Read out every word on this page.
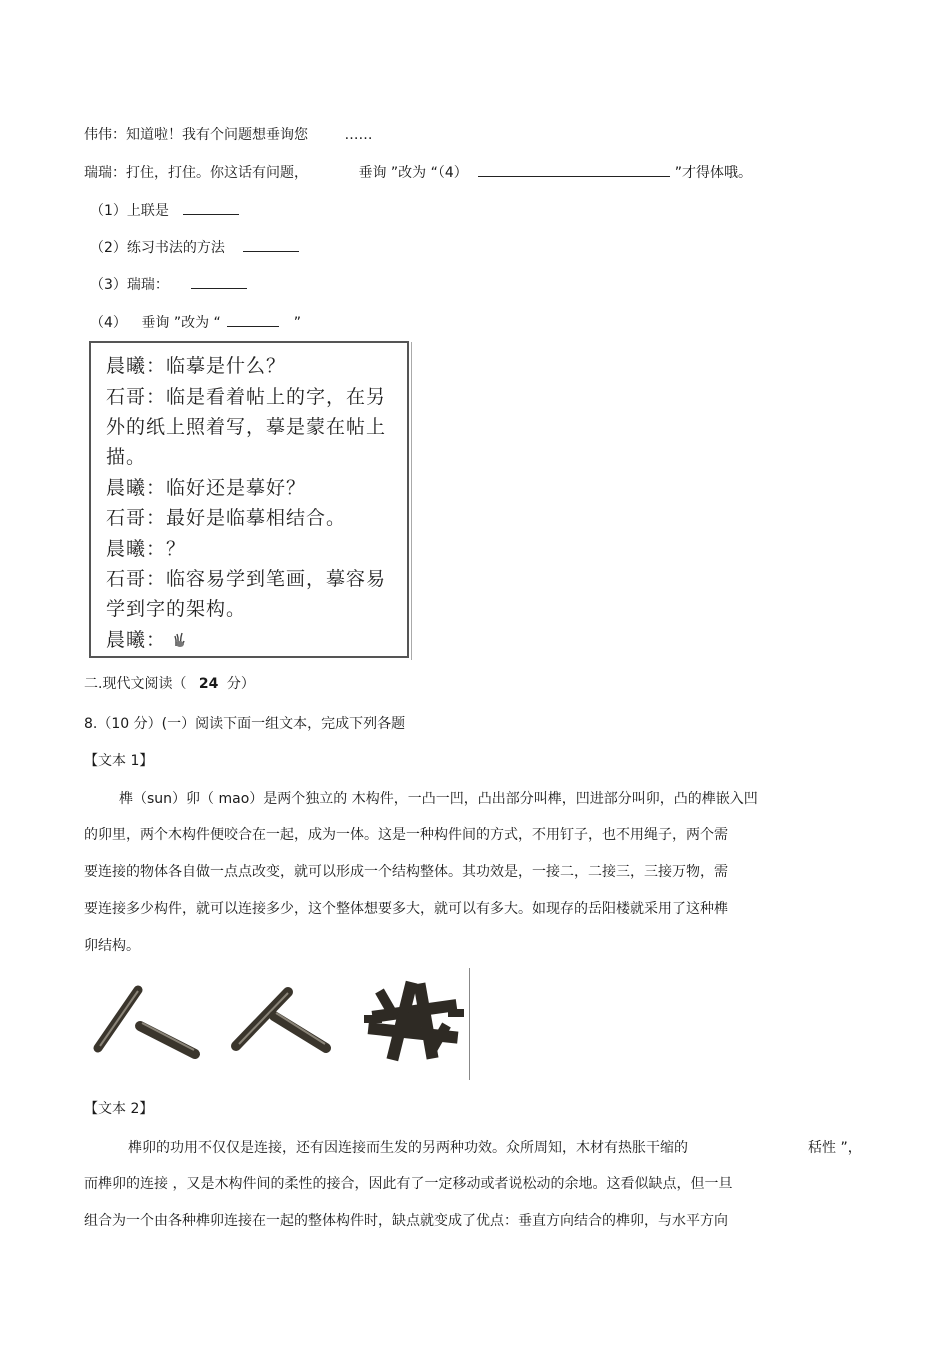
伟伟：知道啦！我有个问题想垂询您	……
瑞瑞：打住，打住。你这话有问题，	垂询 ”改为 “（4）	”才得体哦。
（1）上联是
（2）练习书法的方法
（3）瑞瑞：
（4） 垂询 ”改为 “	”
晨曦：临摹是什么？
石哥：临是看着帖上的字，在另
外的纸上照着写，摹是蒙在帖上
描。
晨曦：临好还是摹好？
石哥：最好是临摹相结合。
晨曦：？
石哥：临容易学到笔画，摹容易
学到字的架构。
晨曦：
二.现代文阅读（ 24 分）
8.（10 分）(一）阅读下面一组文本，完成下列各题
【文本 1】
榫（sun）卯（ mao）是两个独立的 木构件，一凸一凹，凸出部分叫榫，凹进部分叫卯，凸的榫嵌入凹
的卯里，两个木构件便咬合在一起，成为一体。这是一种构件间的方式，不用钉子，也不用绳子，两个需
要连接的物体各自做一点点改变，就可以形成一个结构整体。其功效是，一接二，二接三，三接万物，需
要连接多少构件，就可以连接多少，这个整体想要多大，就可以有多大。如现存的岳阳楼就采用了这种榫
卯结构。
【文本 2】
榫卯的功用不仅仅是连接，还有因连接而生发的另两种功效。众所周知，木材有热胀干缩的	秳性 ”，
而榫卯的连接 ，又是木构件间的柔性的接合，因此有了一定移动或者说松动的余地。这看似缺点，但一旦
组合为一个由各种榫卯连接在一起的整体构件时，缺点就变成了优点：垂直方向结合的榫卯，与水平方向
